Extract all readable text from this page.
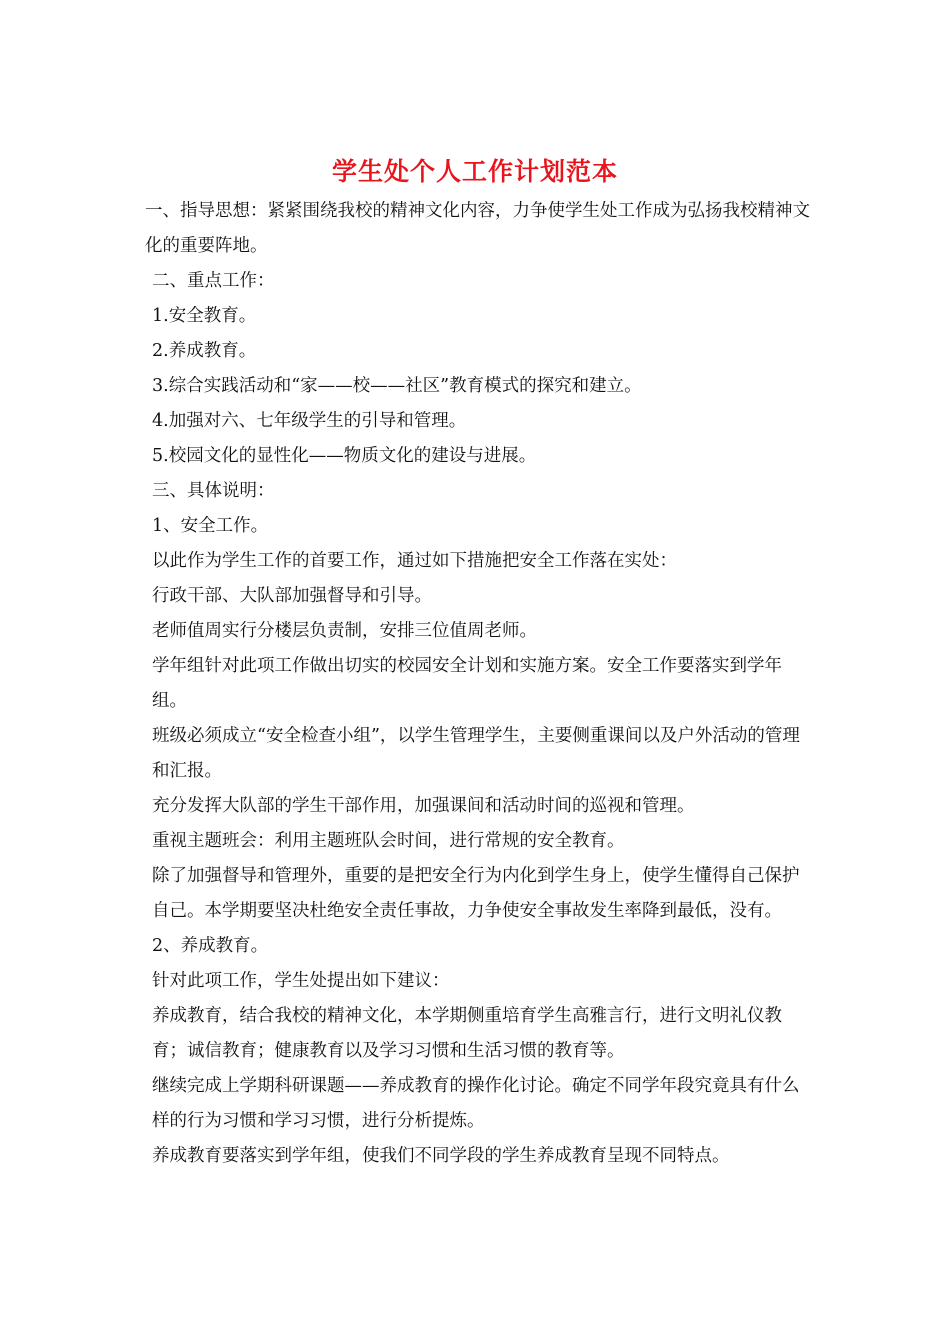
学生处个人工作计划范本

一、指导思想：紧紧围绕我校的精神文化内容，力争使学生处工作成为弘扬我校精神文化的重要阵地。

二、重点工作：

1.安全教育。

2.养成教育。

3.综合实践活动和“家——校——社区”教育模式的探究和建立。

4.加强对六、七年级学生的引导和管理。

5.校园文化的显性化——物质文化的建设与进展。

三、具体说明：

1、安全工作。

以此作为学生工作的首要工作，通过如下措施把安全工作落在实处：

行政干部、大队部加强督导和引导。

老师值周实行分楼层负责制，安排三位值周老师。

学年组针对此项工作做出切实的校园安全计划和实施方案。安全工作要落实到学年组。

班级必须成立“安全检查小组”，以学生管理学生，主要侧重课间以及户外活动的管理和汇报。

充分发挥大队部的学生干部作用，加强课间和活动时间的巡视和管理。

重视主题班会：利用主题班队会时间，进行常规的安全教育。

除了加强督导和管理外，重要的是把安全行为内化到学生身上，使学生懂得自己保护自己。本学期要坚决杜绝安全责任事故，力争使安全事故发生率降到最低，没有。

2、养成教育。

针对此项工作，学生处提出如下建议：

养成教育，结合我校的精神文化，本学期侧重培育学生高雅言行，进行文明礼仪教育；诚信教育；健康教育以及学习习惯和生活习惯的教育等。

继续完成上学期科研课题——养成教育的操作化讨论。确定不同学年段究竟具有什么样的行为习惯和学习习惯，进行分析提炼。

养成教育要落实到学年组，使我们不同学段的学生养成教育呈现不同特点。
